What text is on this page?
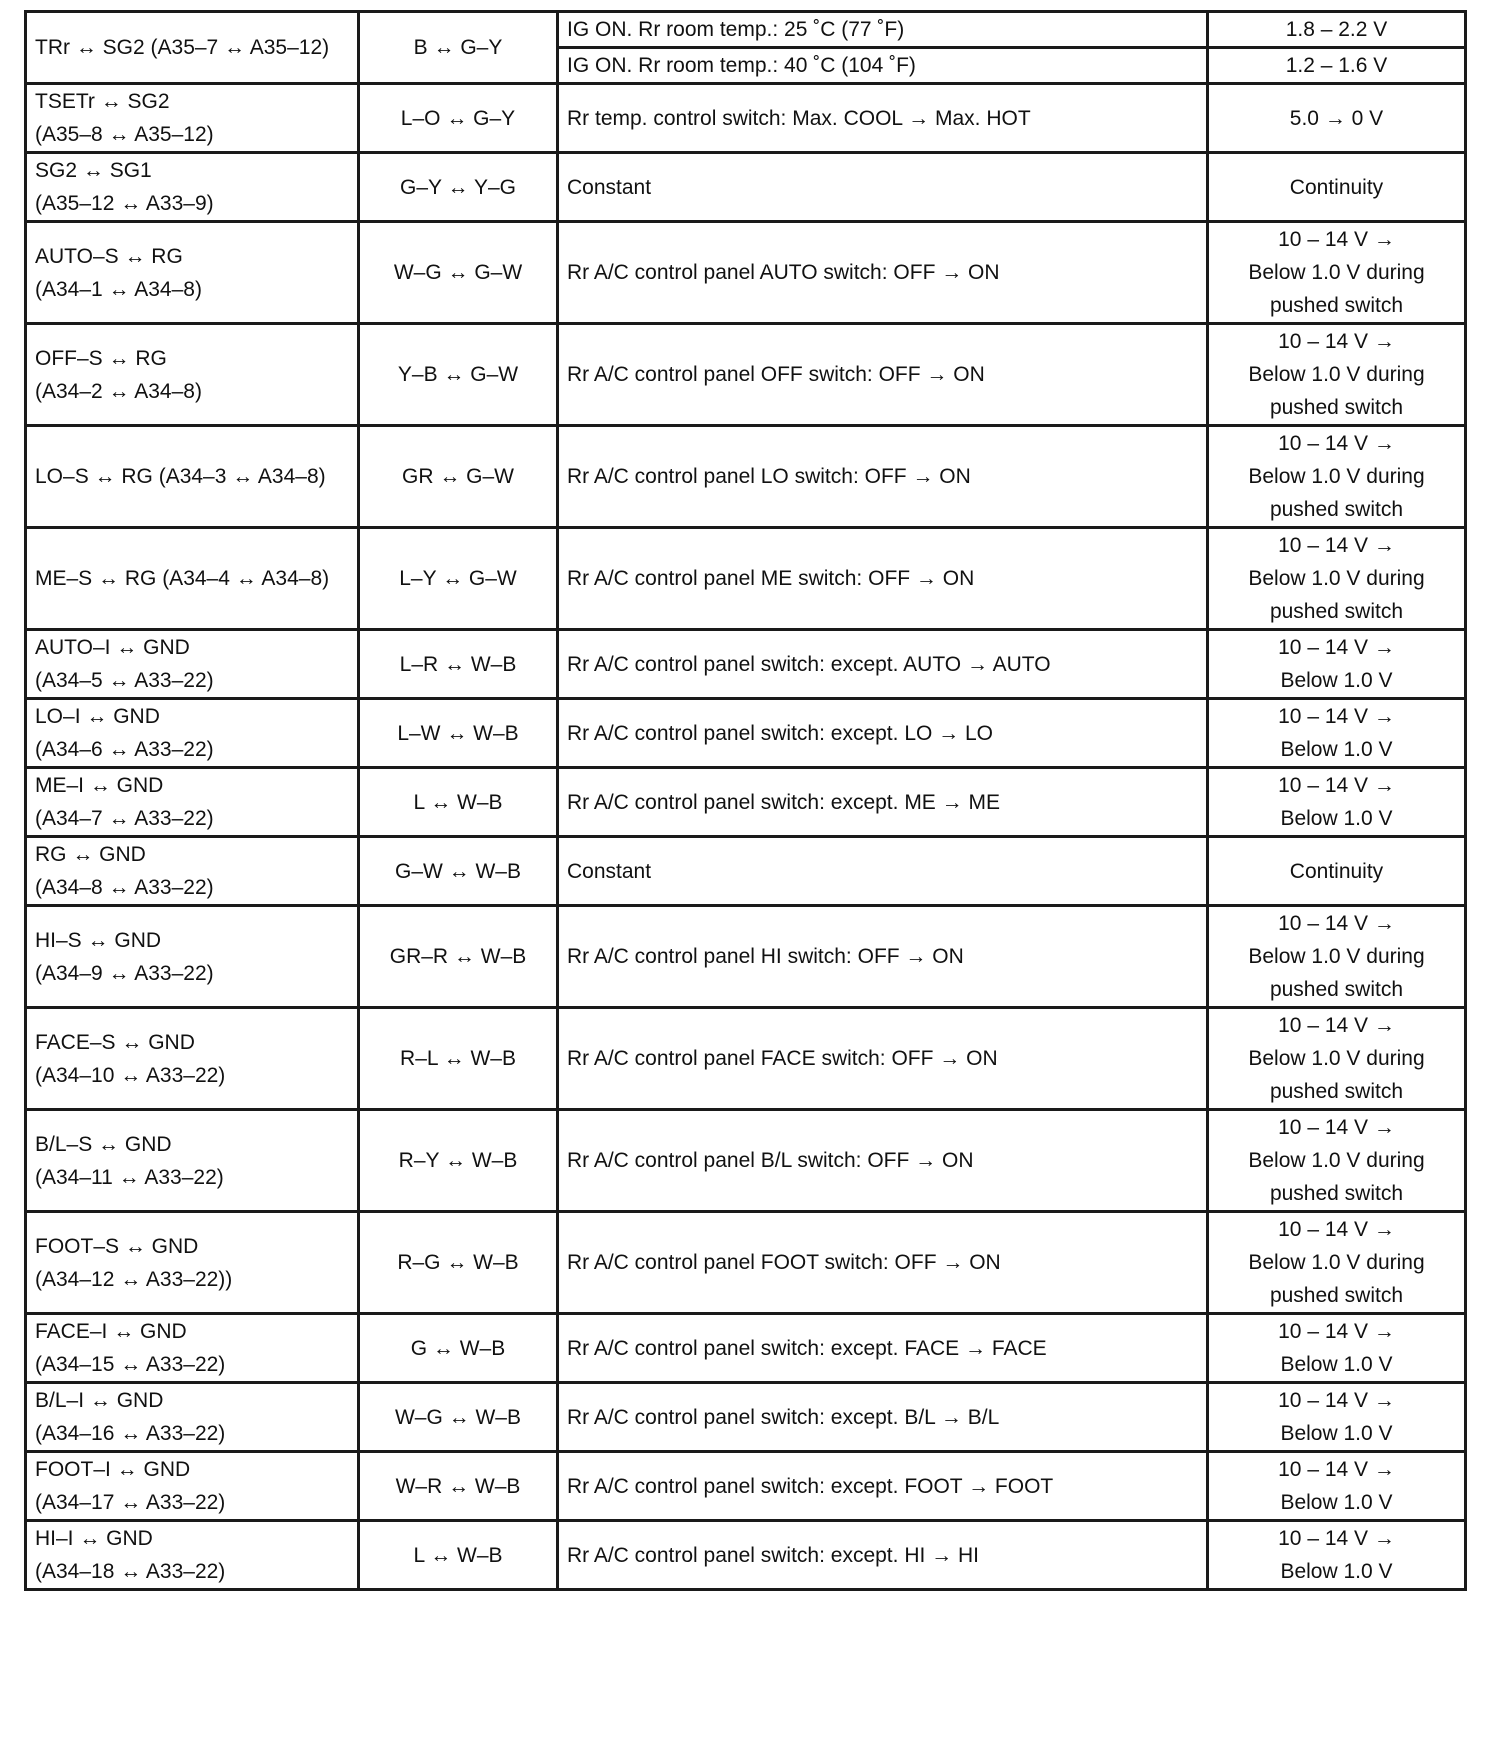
TRr ↔ SG2 (A35–7 ↔ A35–12)	B ↔ G–Y	IG ON. Rr room temp.: 25 ˚C (77 ˚F)	1.8 – 2.2 V

		IG ON. Rr room temp.: 40 ˚C (104 ˚F)	1.2 – 1.6 V

TSETr ↔ SG2
(A35–8 ↔ A35–12)	L–O ↔ G–Y	Rr temp. control switch: Max. COOL → Max. HOT	5.0 → 0 V

SG2 ↔ SG1
(A35–12 ↔ A33–9)	G–Y ↔ Y–G	Constant	Continuity

AUTO–S ↔ RG
(A34–1 ↔ A34–8)	W–G ↔ G–W	Rr A/C control panel AUTO switch: OFF → ON	10 – 14 V →
Below 1.0 V during
pushed switch

OFF–S ↔ RG
(A34–2 ↔ A34–8)	Y–B ↔ G–W	Rr A/C control panel OFF switch: OFF → ON	10 – 14 V →
Below 1.0 V during
pushed switch

LO–S ↔ RG (A34–3 ↔ A34–8)	GR ↔ G–W	Rr A/C control panel LO switch: OFF → ON	10 – 14 V →
Below 1.0 V during
pushed switch

ME–S ↔ RG (A34–4 ↔ A34–8)	L–Y ↔ G–W	Rr A/C control panel ME switch: OFF → ON	10 – 14 V →
Below 1.0 V during
pushed switch

AUTO–I ↔ GND
(A34–5 ↔ A33–22)	L–R ↔ W–B	Rr A/C control panel switch: except. AUTO → AUTO	10 – 14 V →
Below 1.0 V

LO–I ↔ GND
(A34–6 ↔ A33–22)	L–W ↔ W–B	Rr A/C control panel switch: except. LO → LO	10 – 14 V →
Below 1.0 V

ME–I ↔ GND
(A34–7 ↔ A33–22)	L ↔ W–B	Rr A/C control panel switch: except. ME → ME	10 – 14 V →
Below 1.0 V

RG ↔ GND
(A34–8 ↔ A33–22)	G–W ↔ W–B	Constant	Continuity

HI–S ↔ GND
(A34–9 ↔ A33–22)	GR–R ↔ W–B	Rr A/C control panel HI switch: OFF → ON	10 – 14 V →
Below 1.0 V during
pushed switch

FACE–S ↔ GND
(A34–10 ↔ A33–22)	R–L ↔ W–B	Rr A/C control panel FACE switch: OFF → ON	10 – 14 V →
Below 1.0 V during
pushed switch

B/L–S ↔ GND
(A34–11 ↔ A33–22)	R–Y ↔ W–B	Rr A/C control panel B/L switch: OFF → ON	10 – 14 V →
Below 1.0 V during
pushed switch

FOOT–S ↔ GND
(A34–12 ↔ A33–22))	R–G ↔ W–B	Rr A/C control panel FOOT switch: OFF → ON	10 – 14 V →
Below 1.0 V during
pushed switch

FACE–I ↔ GND
(A34–15 ↔ A33–22)	G ↔ W–B	Rr A/C control panel switch: except. FACE → FACE	10 – 14 V →
Below 1.0 V

B/L–I ↔ GND
(A34–16 ↔ A33–22)	W–G ↔ W–B	Rr A/C control panel switch: except. B/L → B/L	10 – 14 V →
Below 1.0 V

FOOT–I ↔ GND
(A34–17 ↔ A33–22)	W–R ↔ W–B	Rr A/C control panel switch: except. FOOT → FOOT	10 – 14 V →
Below 1.0 V

HI–I ↔ GND
(A34–18 ↔ A33–22)	L ↔ W–B	Rr A/C control panel switch: except. HI → HI	10 – 14 V →
Below 1.0 V
